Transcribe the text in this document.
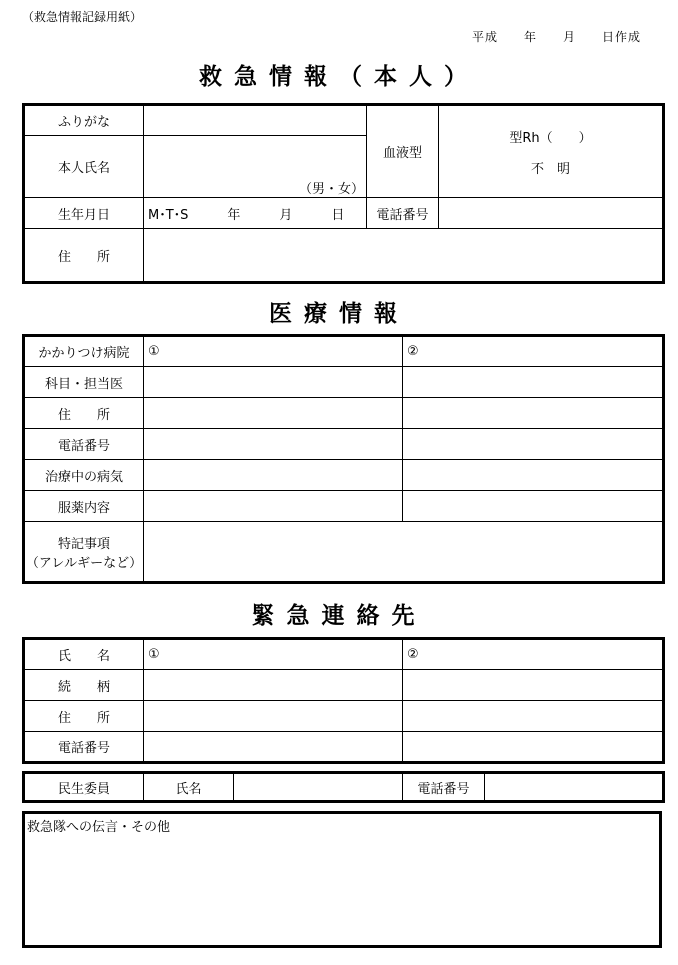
（救急情報記録用紙）
平成　　年　　月　　日作成
救急情報（本人）
ふりがな		血液型	型Rh（　　）
不　明

本人氏名	（男・女）		
生年月日	M･T･S　　　年　　　月　　　日	電話番号	
住　　所			
医療情報
かかりつけ病院	①	②
科目・担当医		
住　　所		
電話番号		
治療中の病気		
服薬内容		

特記事項
（アレルギーなど）		

緊急連絡先
氏　　名	①	②
続　　柄		
住　　所		
電話番号		
民生委員	氏名		電話番号	
救急隊への伝言・その他
